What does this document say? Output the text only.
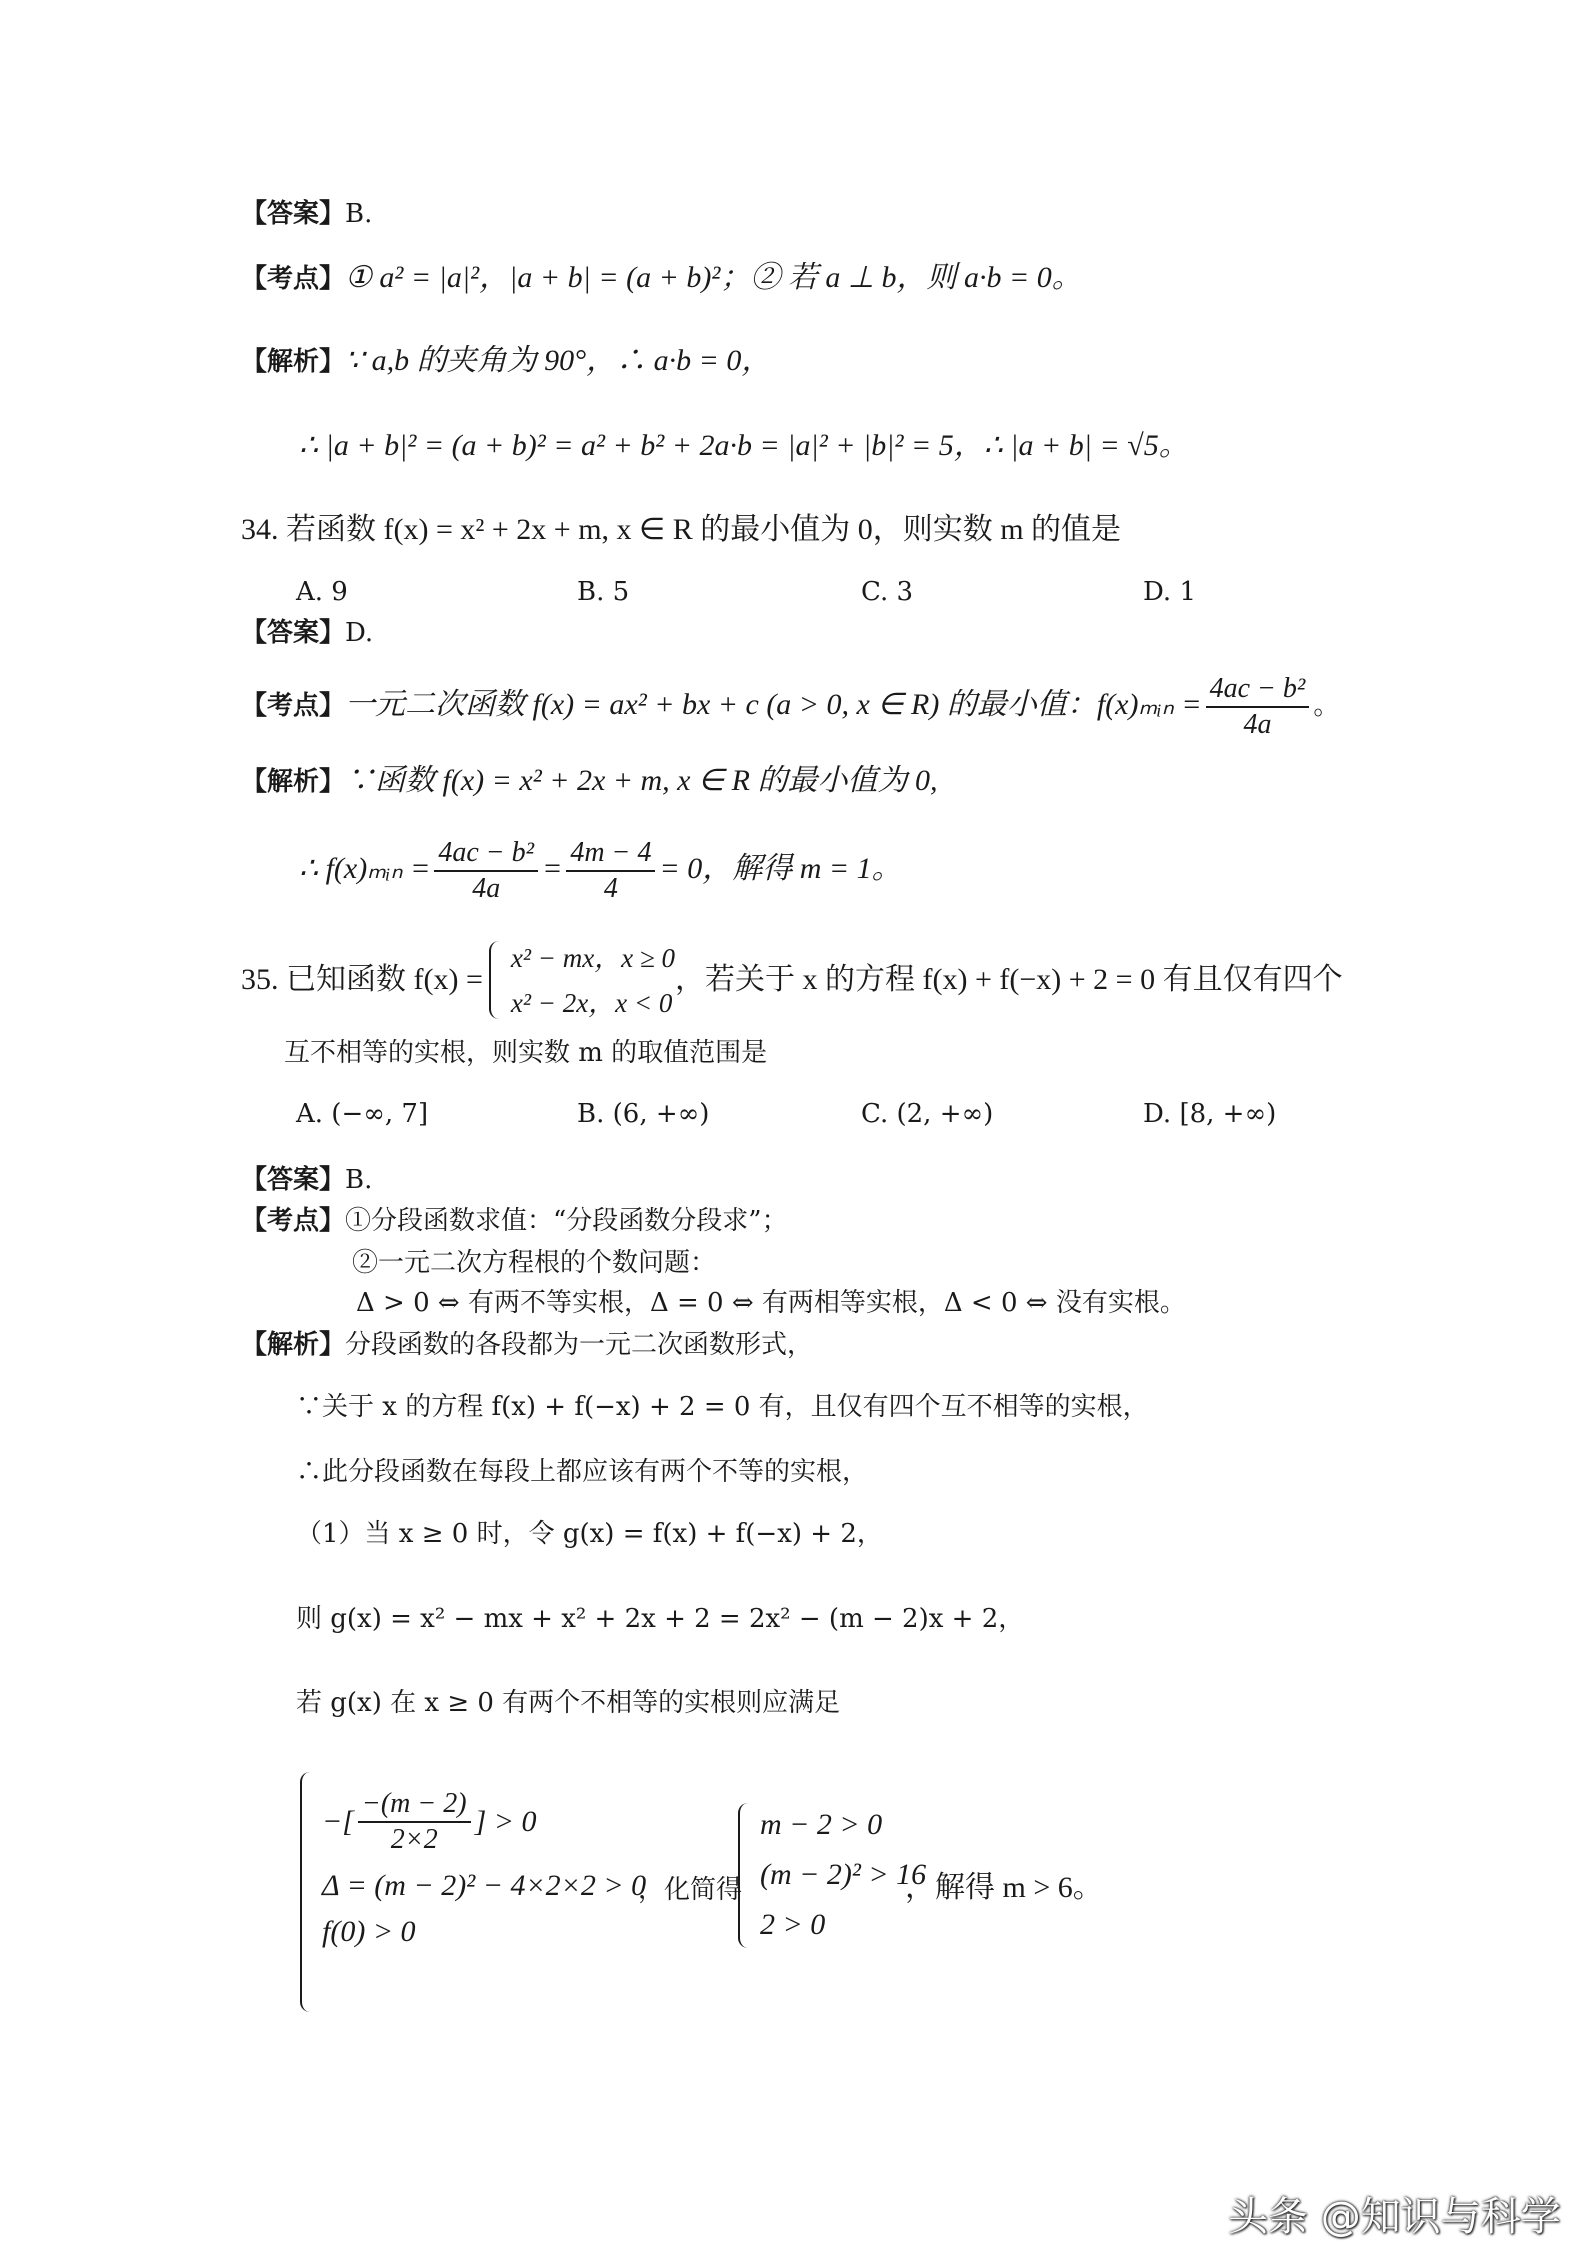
【答案】B.
【考点】① a² = |a|²，|a + b| = (a + b)²；② 若 a ⊥ b，则 a·b = 0。
【解析】∵ a,b 的夹角为 90°，∴ a·b = 0，
∴ |a + b|² = (a + b)² = a² + b² + 2a·b = |a|² + |b|² = 5，∴ |a + b| = √5。
34. 若函数 f(x) = x² + 2x + m, x ∈ R 的最小值为 0，则实数 m 的值是
A. 9	B. 5	C. 3	D. 1
【答案】D.
【考点】一元二次函数 f(x) = ax² + bx + c (a > 0, x ∈ R) 的最小值：f(x)ₘᵢₙ = $\frac{\text{4ac − b²}}{4a}$ 。
【解析】∵函数 f(x) = x² + 2x + m, x ∈ R 的最小值为 0,
∴ f(x)ₘᵢₙ = $\frac{\text{4ac − b²}}{4a} = \frac{4m - 4}{4} = 0$，解得 m = 1。
35. 已知函数 f(x) =
x² − mx，x ≥ 0
x² − 2x，x < 0
，若关于 x 的方程 f(x) + f(−x) + 2 = 0 有且仅有四个
互不相等的实根，则实数 m 的取值范围是
A. (−∞, 7]	B. (6, +∞)	C. (2, +∞)	D. [8, +∞)
【答案】B.
【考点】①分段函数求值：“分段函数分段求”；
②一元二次方程根的个数问题：
Δ > 0 ⇔ 有两不等实根，Δ = 0 ⇔ 有两相等实根，Δ < 0 ⇔ 没有实根。
【解析】分段函数的各段都为一元二次函数形式，
∵关于 x 的方程 f(x) + f(−x) + 2 = 0 有，且仅有四个互不相等的实根，
∴此分段函数在每段上都应该有两个不等的实根，
（1）当 x ≥ 0 时，令 g(x) = f(x) + f(−x) + 2，
则 g(x) = x² − mx + x² + 2x + 2 = 2x² − (m − 2)x + 2，
若 g(x) 在 x ≥ 0 有两个不相等的实根则应满足
−[ $\frac{-(m - 2)}{2\times 2}$ ] > 0
Δ = (m − 2)² − 4×2×2 > 0
f(0) > 0
，化简得
m − 2 > 0
(m − 2)² > 16
2 > 0
，解得 m > 6。
头条 @知识与科学
